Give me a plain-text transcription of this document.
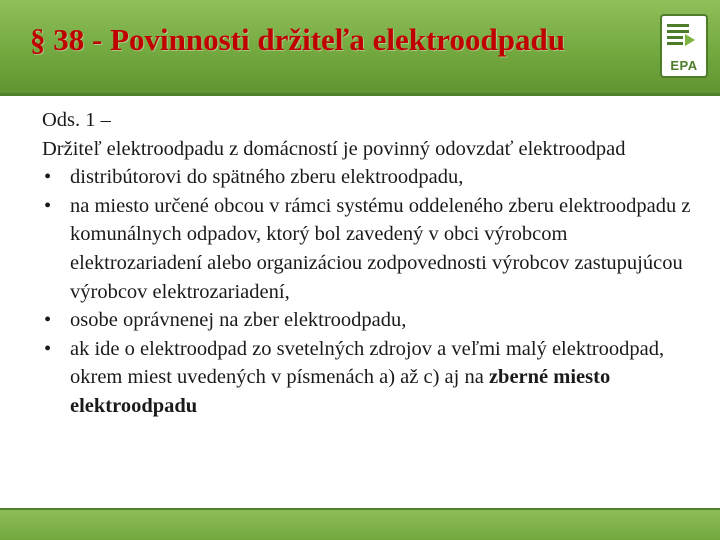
§ 38 - Povinnosti držiteľa elektroodpadu
EPA

Ods. 1 –

Držiteľ elektroodpadu z domácností je povinný odovzdať elektroodpad

• distribútorovi do spätného zberu elektroodpadu,
• na miesto určené obcou v rámci systému oddeleného zberu elektroodpadu z komunálnych odpadov, ktorý bol zavedený v obci výrobcom elektrozariadení alebo organizáciou zodpovednosti výrobcov zastupujúcou výrobcov elektrozariadení,
• osobe oprávnenej na zber elektroodpadu,
• ak ide o elektroodpad zo svetelných zdrojov a veľmi malý elektroodpad, okrem miest uvedených v písmenách a) až c) aj na zberné miesto elektroodpadu
